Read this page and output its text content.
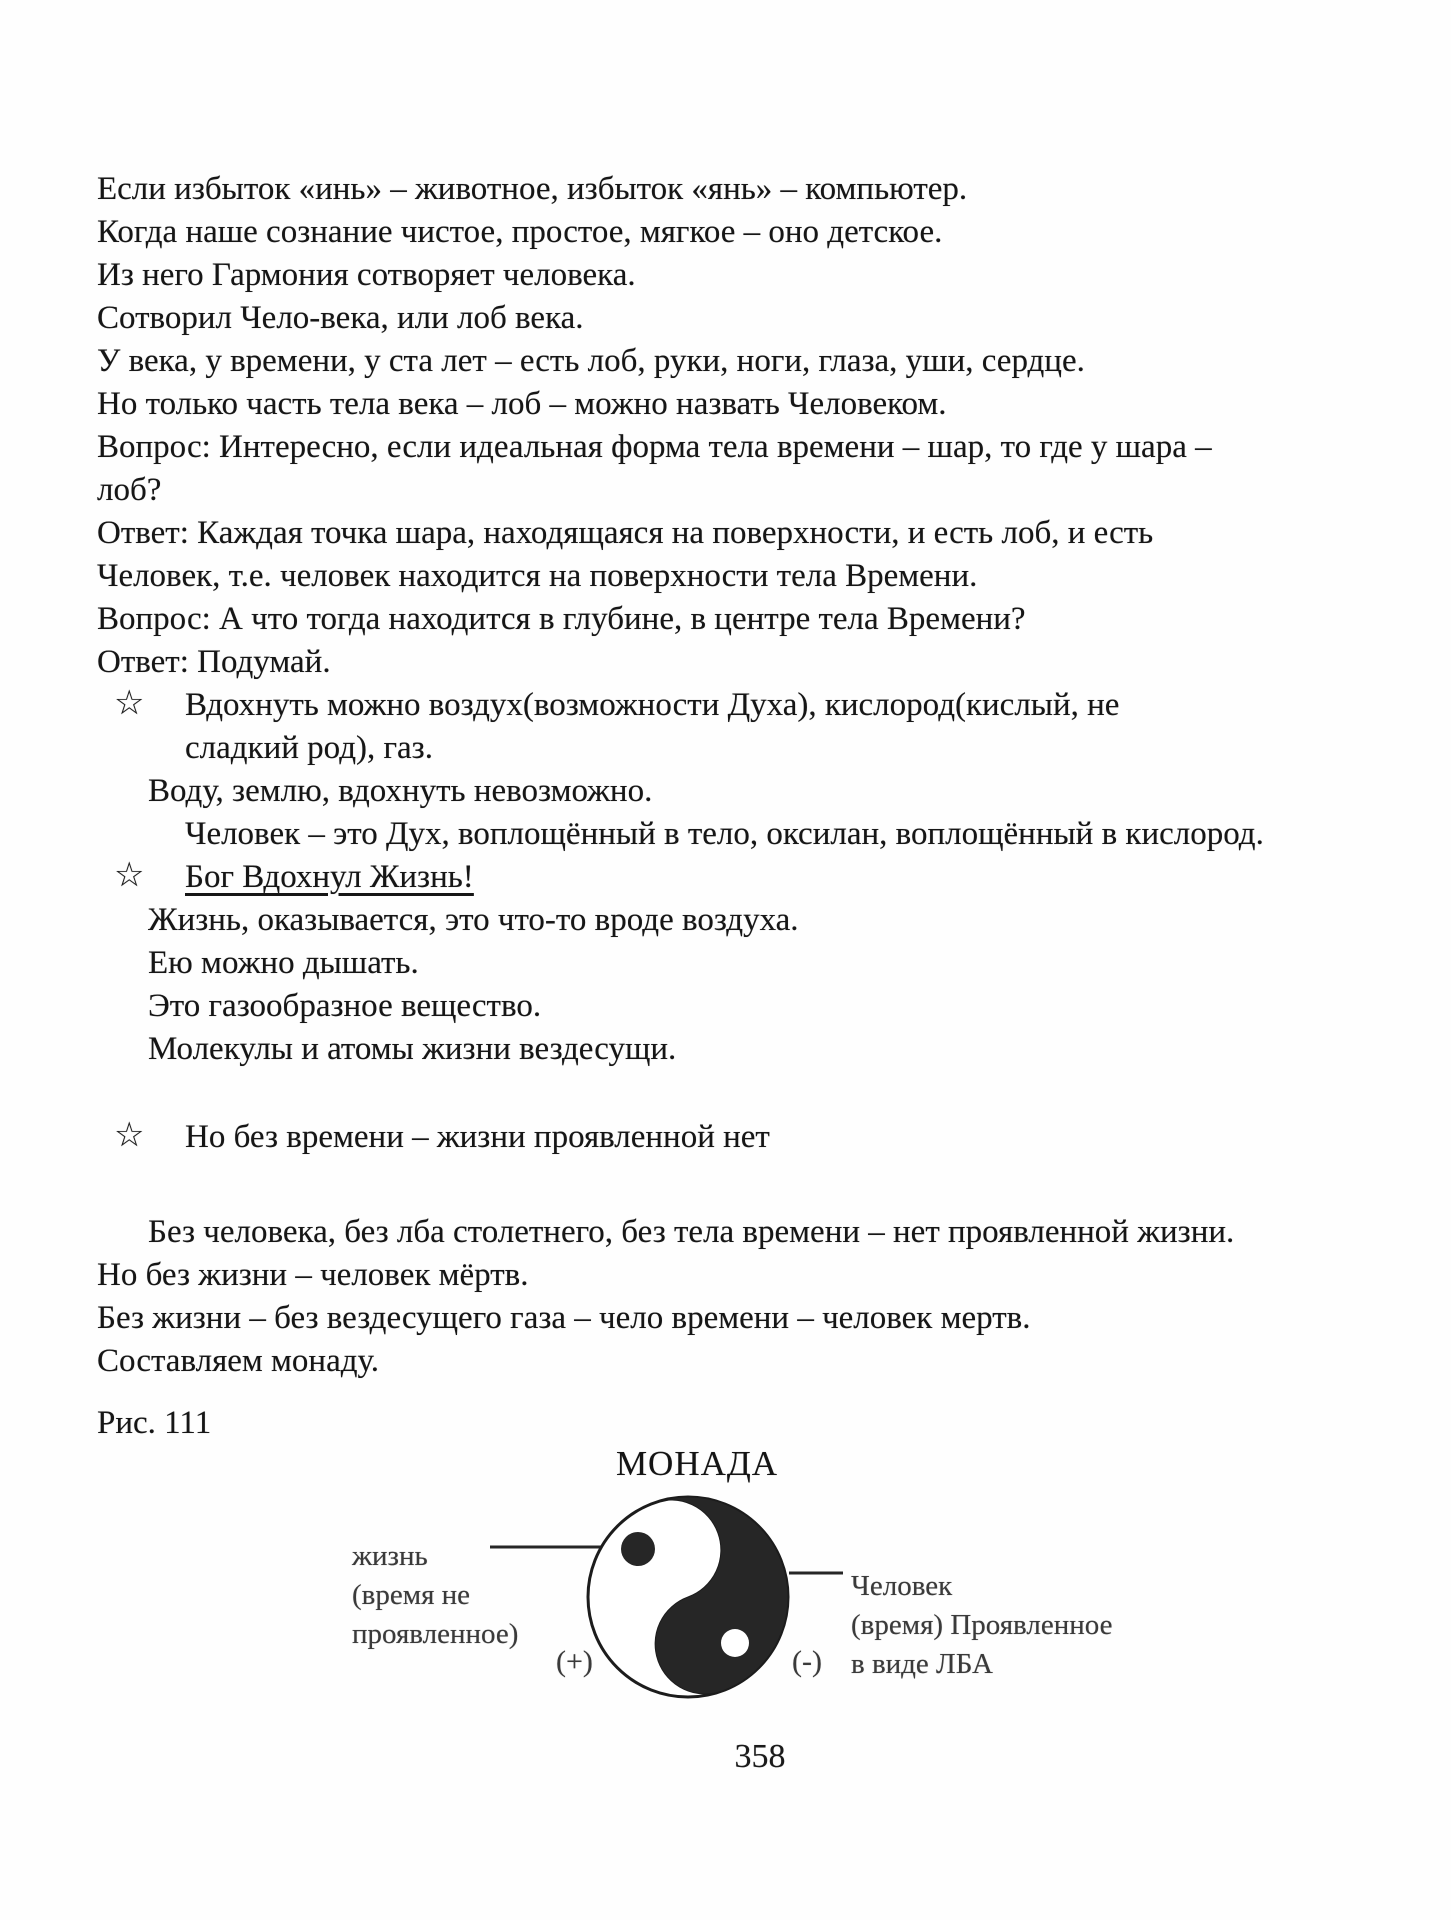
Если избыток «инь» – животное, избыток «янь» – компьютер.
Когда наше сознание чистое, простое, мягкое – оно детское.
Из него Гармония сотворяет человека.
Сотворил Чело-века, или лоб века.
У века, у времени, у ста лет – есть лоб, руки, ноги, глаза, уши, сердце.
Но только часть тела века – лоб – можно назвать Человеком.
Вопрос: Интересно, если идеальная форма тела времени – шар, то где у шара –
лоб?
Ответ: Каждая точка шара, находящаяся на поверхности, и есть лоб, и есть
Человек, т.е. человек находится на поверхности тела Времени.
Вопрос: А что тогда находится в глубине, в центре тела Времени?
Ответ: Подумай.
☆ Вдохнуть можно воздух(возможности Духа), кислород(кислый, не
сладкий род), газ.
Воду, землю, вдохнуть невозможно.
Человек – это Дух, воплощённый в тело, оксилан, воплощённый в кислород.
☆ Бог Вдохнул Жизнь!
Жизнь, оказывается, это что-то вроде воздуха.
Ею можно дышать.
Это газообразное вещество.
Молекулы и атомы жизни вездесущи.
☆ Но без времени – жизни проявленной нет
Без человека, без лба столетнего, без тела времени – нет проявленной жизни.
Но без жизни – человек мёртв.
Без жизни – без вездесущего газа – чело времени – человек мертв.
Составляем монаду.
Рис. 111
МОНАДА
жизнь
(время не
проявленное)
Человек
(время) Проявленное
в виде ЛБА
(+)	(-)
358
